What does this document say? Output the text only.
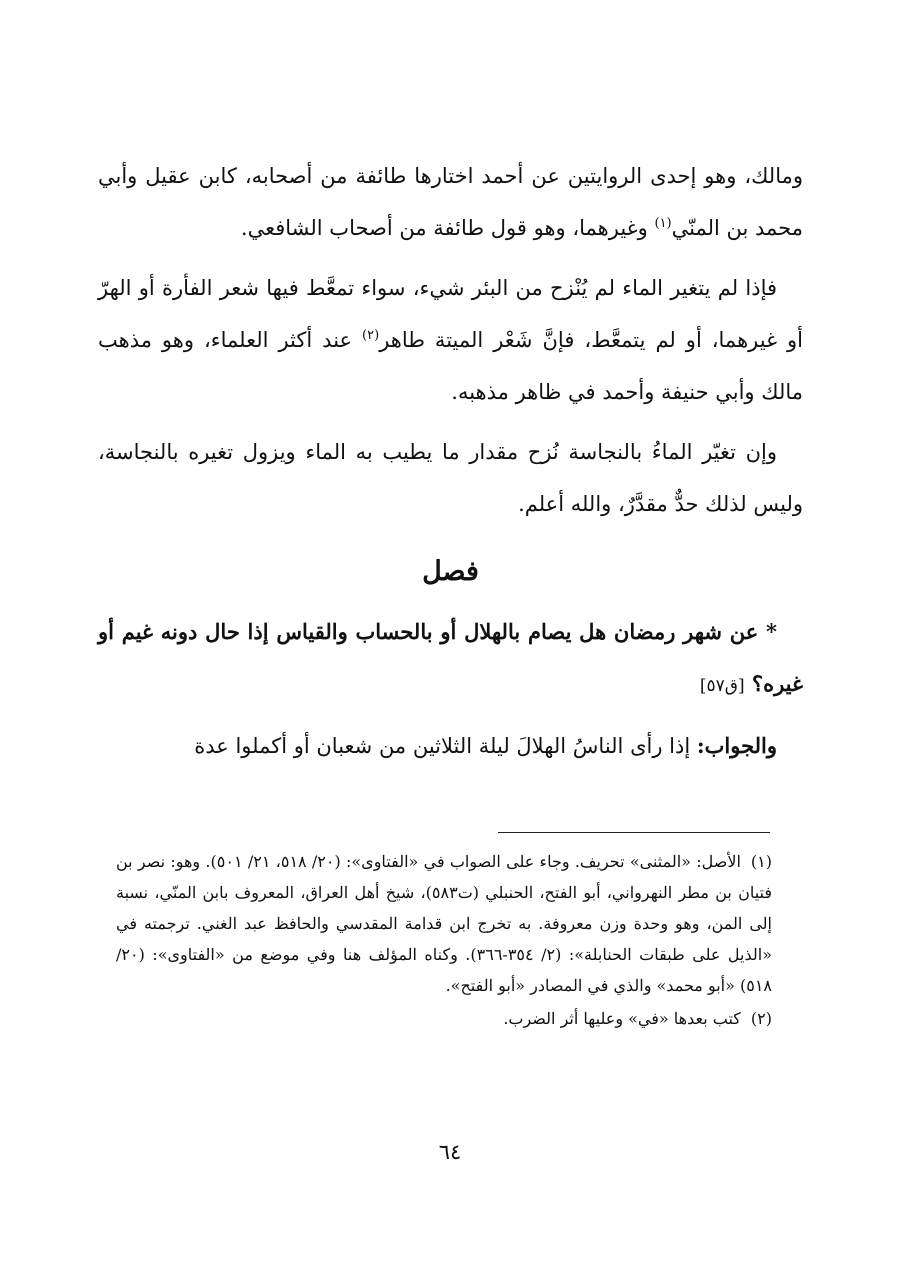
ومالك، وهو إحدى الروايتين عن أحمد اختارها طائفة من أصحابه، كابن عقيل وأبي محمد بن المنّي$^{(١)}$ وغيرهما، وهو قول طائفة من أصحاب الشافعي.

فإذا لم يتغير الماء لم يُنْزح من البئر شيء، سواء تمعَّط فيها شعر الفأرة أو الهرّ أو غيرهما، أو لم يتمعَّط، فإنَّ شَعْر الميتة طاهر$^{(٢)}$ عند أكثر العلماء، وهو مذهب مالك وأبي حنيفة وأحمد في ظاهر مذهبه.

وإن تغيّر الماءُ بالنجاسة نُزح مقدار ما يطيب به الماء ويزول تغيره بالنجاسة، وليس لذلك حدٌّ مقدَّرٌ، والله أعلم.

فصل

* عن شهر رمضان هل يصام بالهلال أو بالحساب والقياس إذا حال دونه غيم أو غيره؟ [ق٥٧]

والجواب: إذا رأى الناسُ الهلالَ ليلة الثلاثين من شعبان أو أكملوا عدة

(١)الأصل: «المثنى» تحريف. وجاء على الصواب في «الفتاوى»: (٢٠/ ٥١٨، ٢١/ ٥٠١). وهو: نصر بن فتيان بن مطر النهرواني، أبو الفتح، الحنبلي (ت٥٨٣)، شيخ أهل العراق، المعروف بابن المنّي، نسبة إلى المن، وهو وحدة وزن معروفة. به تخرج ابن قدامة المقدسي والحافظ عبد الغني. ترجمته في «الذيل على طبقات الحنابلة»: (٢/ ٣٥٤-٣٦٦). وكناه المؤلف هنا وفي موضع من «الفتاوى»: (٢٠/ ٥١٨) «أبو محمد» والذي في المصادر «أبو الفتح».

(٢)كتب بعدها «في» وعليها أثر الضرب.

٦٤
